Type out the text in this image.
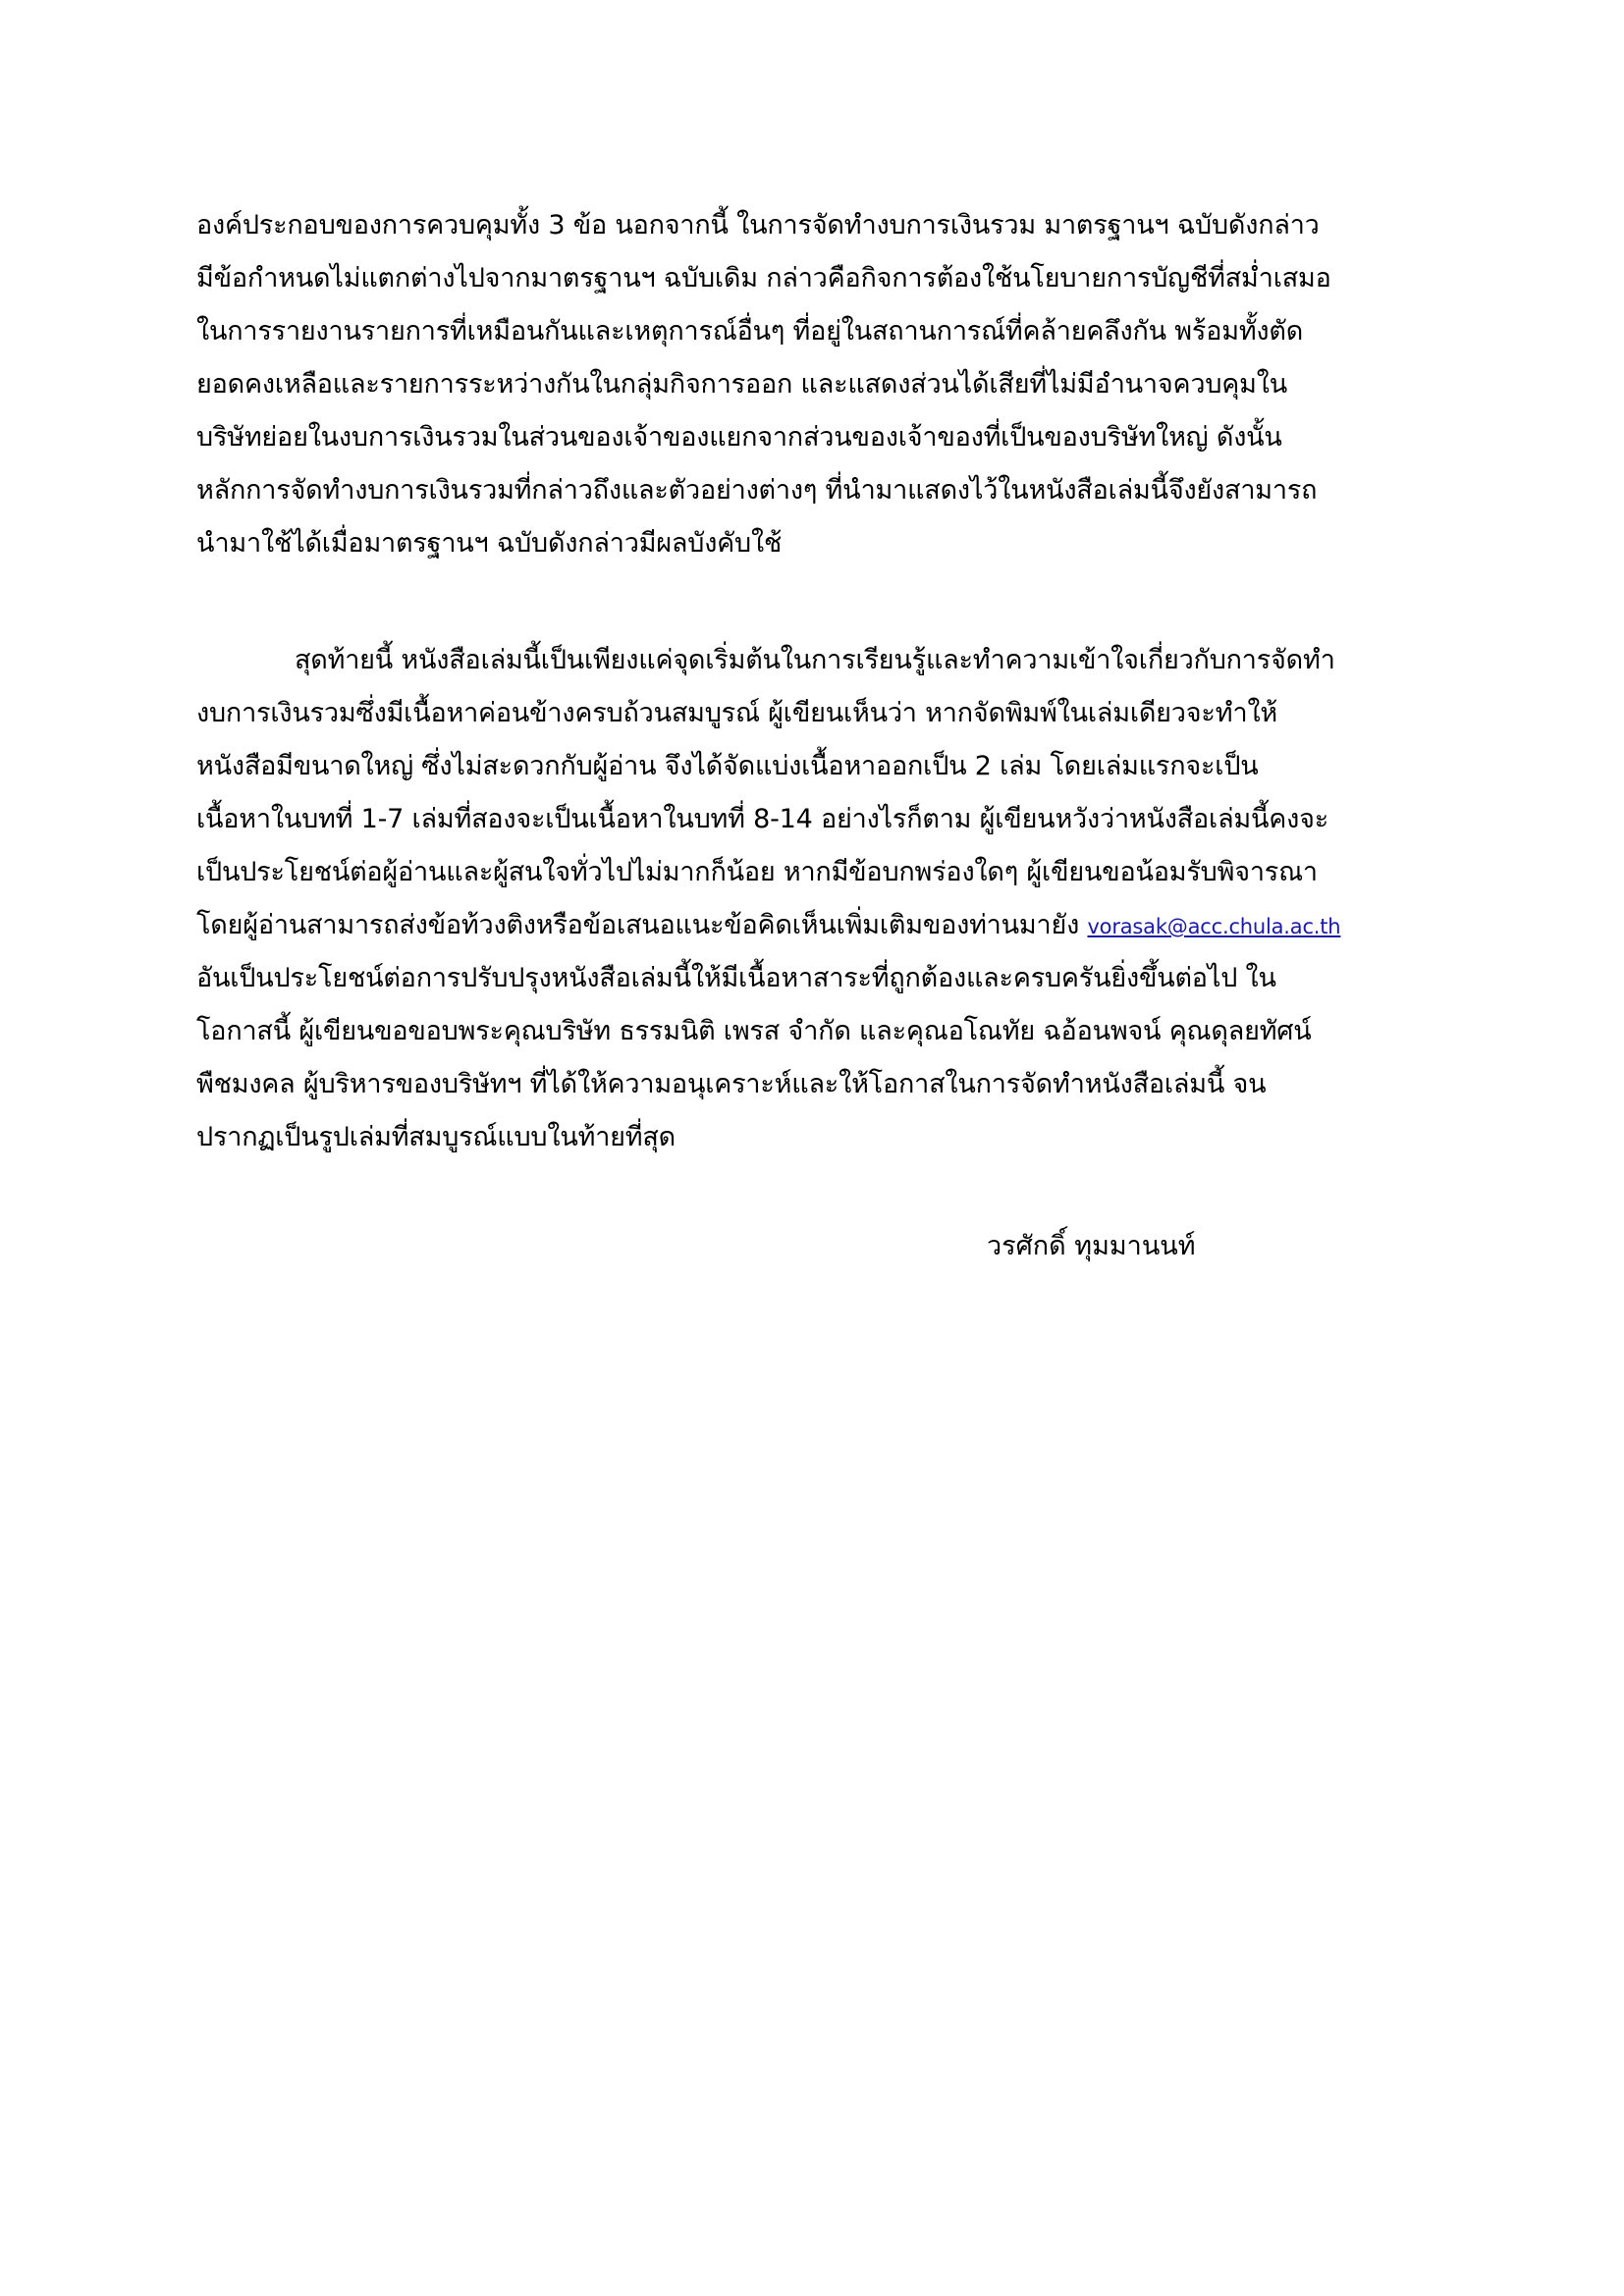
องค์ประกอบของการควบคุมทั้ง 3 ข้อ นอกจากนี้ ในการจัดทำงบการเงินรวม มาตรฐานฯ ฉบับดังกล่าว
มีข้อกำหนดไม่แตกต่างไปจากมาตรฐานฯ ฉบับเดิม กล่าวคือกิจการต้องใช้นโยบายการบัญชีที่สม่ำเสมอ
ในการรายงานรายการที่เหมือนกันและเหตุการณ์อื่นๆ ที่อยู่ในสถานการณ์ที่คล้ายคลึงกัน พร้อมทั้งตัด
ยอดคงเหลือและรายการระหว่างกันในกลุ่มกิจการออก และแสดงส่วนได้เสียที่ไม่มีอำนาจควบคุมใน
บริษัทย่อยในงบการเงินรวมในส่วนของเจ้าของแยกจากส่วนของเจ้าของที่เป็นของบริษัทใหญ่ ดังนั้น
หลักการจัดทำงบการเงินรวมที่กล่าวถึงและตัวอย่างต่างๆ ที่นำมาแสดงไว้ในหนังสือเล่มนี้จึงยังสามารถ
นำมาใช้ได้เมื่อมาตรฐานฯ ฉบับดังกล่าวมีผลบังคับใช้
สุดท้ายนี้ หนังสือเล่มนี้เป็นเพียงแค่จุดเริ่มต้นในการเรียนรู้และทำความเข้าใจเกี่ยวกับการจัดทำ
งบการเงินรวมซึ่งมีเนื้อหาค่อนข้างครบถ้วนสมบูรณ์ ผู้เขียนเห็นว่า หากจัดพิมพ์ในเล่มเดียวจะทำให้
หนังสือมีขนาดใหญ่ ซึ่งไม่สะดวกกับผู้อ่าน จึงได้จัดแบ่งเนื้อหาออกเป็น 2 เล่ม โดยเล่มแรกจะเป็น
เนื้อหาในบทที่ 1-7 เล่มที่สองจะเป็นเนื้อหาในบทที่ 8-14 อย่างไรก็ตาม ผู้เขียนหวังว่าหนังสือเล่มนี้คงจะ
เป็นประโยชน์ต่อผู้อ่านและผู้สนใจทั่วไปไม่มากก็น้อย หากมีข้อบกพร่องใดๆ ผู้เขียนขอน้อมรับพิจารณา
โดยผู้อ่านสามารถส่งข้อท้วงติงหรือข้อเสนอแนะข้อคิดเห็นเพิ่มเติมของท่านมายัง vorasak@acc.chula.ac.th
อันเป็นประโยชน์ต่อการปรับปรุงหนังสือเล่มนี้ให้มีเนื้อหาสาระที่ถูกต้องและครบครันยิ่งขึ้นต่อไป ใน
โอกาสนี้ ผู้เขียนขอขอบพระคุณบริษัท ธรรมนิติ เพรส จำกัด และคุณอโณทัย ฉอ้อนพจน์ คุณดุลยทัศน์
พืชมงคล ผู้บริหารของบริษัทฯ ที่ได้ให้ความอนุเคราะห์และให้โอกาสในการจัดทำหนังสือเล่มนี้ จน
ปรากฏเป็นรูปเล่มที่สมบูรณ์แบบในท้ายที่สุด
วรศักดิ์ ทุมมานนท์
